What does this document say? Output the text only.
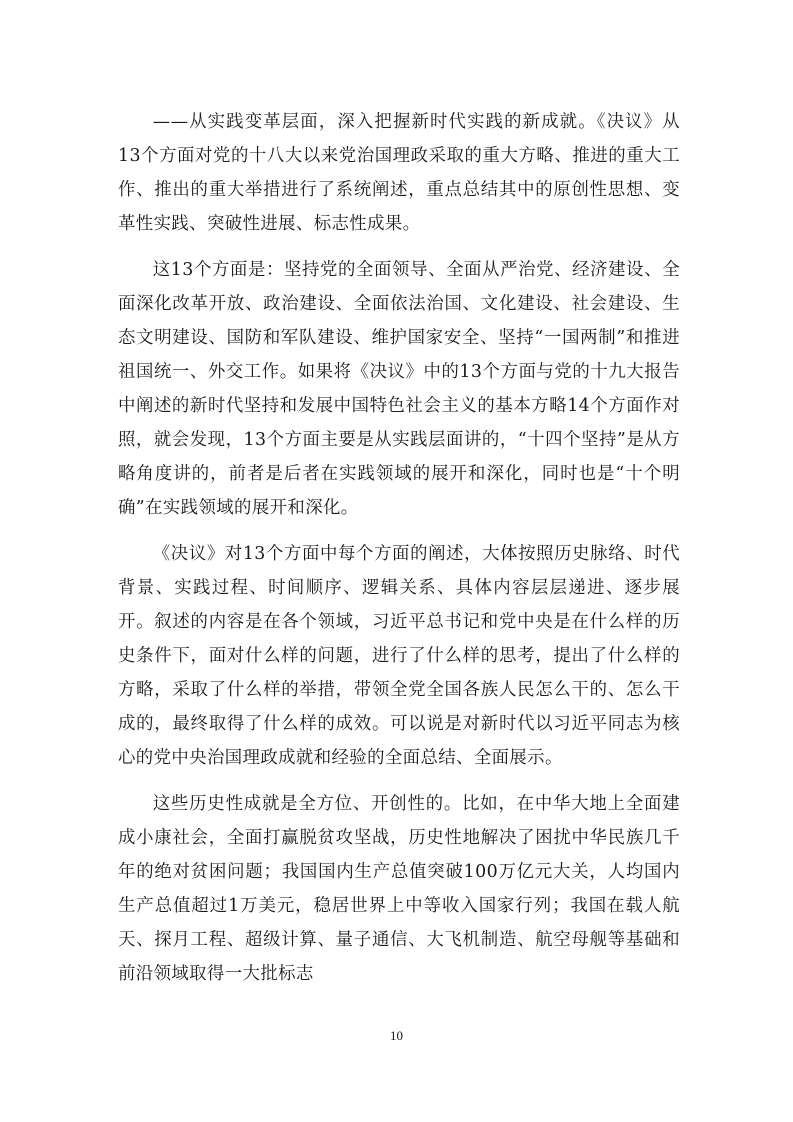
——从实践变革层面，深入把握新时代实践的新成就。《决议》从13个方面对党的十八大以来党治国理政采取的重大方略、推进的重大工作、推出的重大举措进行了系统阐述，重点总结其中的原创性思想、变革性实践、突破性进展、标志性成果。

这13个方面是：坚持党的全面领导、全面从严治党、经济建设、全面深化改革开放、政治建设、全面依法治国、文化建设、社会建设、生态文明建设、国防和军队建设、维护国家安全、坚持“一国两制”和推进祖国统一、外交工作。如果将《决议》中的13个方面与党的十九大报告中阐述的新时代坚持和发展中国特色社会主义的基本方略14个方面作对照，就会发现，13个方面主要是从实践层面讲的，“十四个坚持”是从方略角度讲的，前者是后者在实践领域的展开和深化，同时也是“十个明确”在实践领域的展开和深化。

《决议》对13个方面中每个方面的阐述，大体按照历史脉络、时代背景、实践过程、时间顺序、逻辑关系、具体内容层层递进、逐步展开。叙述的内容是在各个领域，习近平总书记和党中央是在什么样的历史条件下，面对什么样的问题，进行了什么样的思考，提出了什么样的方略，采取了什么样的举措，带领全党全国各族人民怎么干的、怎么干成的，最终取得了什么样的成效。可以说是对新时代以习近平同志为核心的党中央治国理政成就和经验的全面总结、全面展示。

这些历史性成就是全方位、开创性的。比如，在中华大地上全面建成小康社会，全面打赢脱贫攻坚战，历史性地解决了困扰中华民族几千年的绝对贫困问题；我国国内生产总值突破100万亿元大关，人均国内生产总值超过1万美元，稳居世界上中等收入国家行列；我国在载人航天、探月工程、超级计算、量子通信、大飞机制造、航空母舰等基础和前沿领域取得一大批标志

10
